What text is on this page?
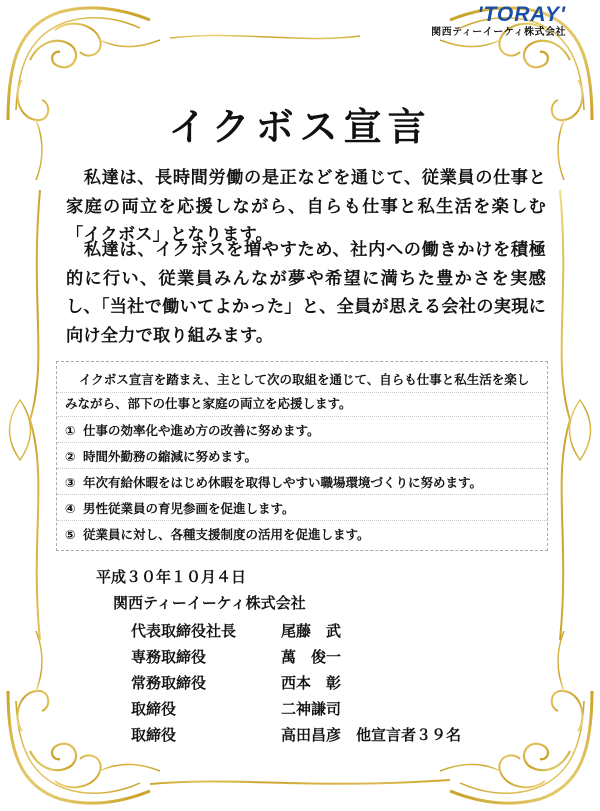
'TORAY'
関西ティーイーケィ株式会社
イクボス宣言
　私達は、長時間労働の是正などを通じて、従業員の仕事と家庭の両立を応援しながら、自らも仕事と私生活を楽しむ「イクボス」となります。
　私達は、イクボスを増やすため、社内への働きかけを積極的に行い、従業員みんなが夢や希望に満ちた豊かさを実感し、「当社で働いてよかった」と、全員が思える会社の実現に向け全力で取り組みます。
イクボス宣言を踏まえ、主として次の取組を通じて、自らも仕事と私生活を楽しみながら、部下の仕事と家庭の両立を応援します。
① 仕事の効率化や進め方の改善に努めます。
② 時間外勤務の縮減に努めます。
③ 年次有給休暇をはじめ休暇を取得しやすい職場環境づくりに努めます。
④ 男性従業員の育児参画を促進します。
⑤ 従業員に対し、各種支援制度の活用を促進します。
平成３０年１０月４日
関西ティーイーケィ株式会社
代表取締役社長	尾藤　武
専務取締役	萬　俊一
常務取締役	西本　彰
取締役	二神謙司
取締役	高田昌彦　他宣言者３９名
